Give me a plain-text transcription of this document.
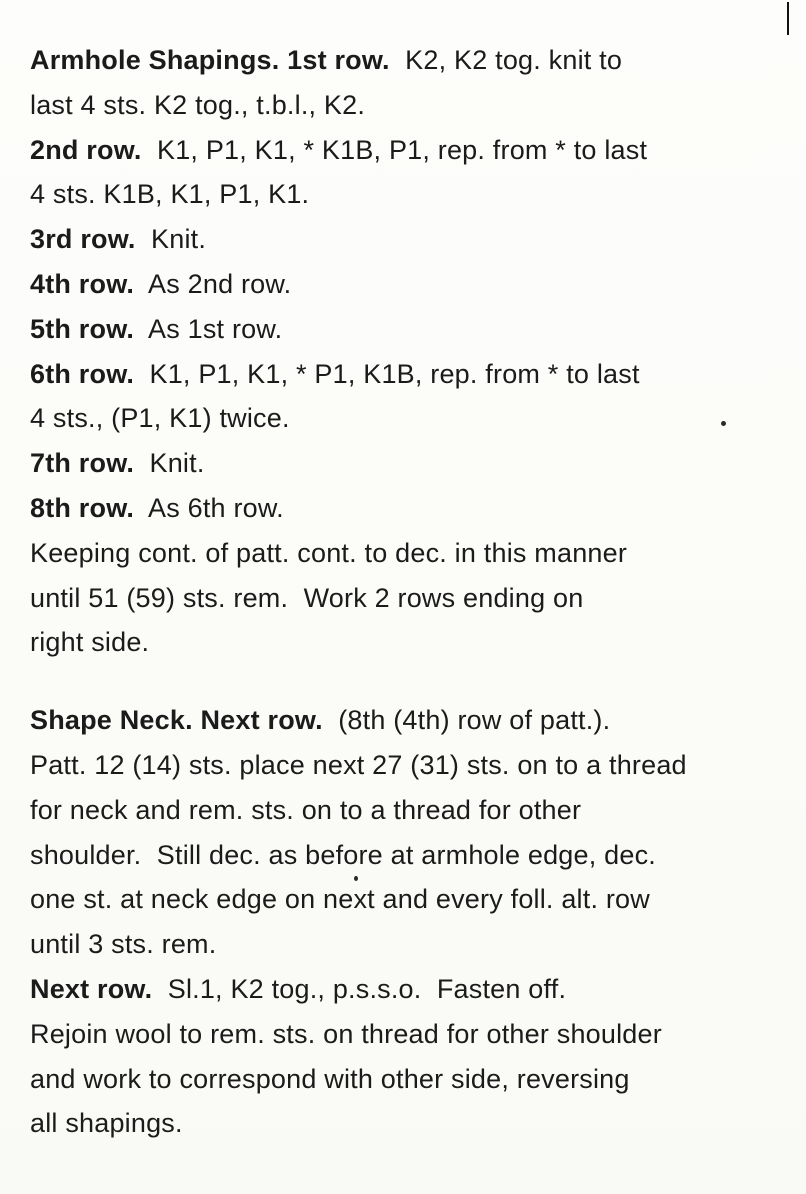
Armhole Shapings. 1st row.  K2, K2 tog. knit to
last 4 sts. K2 tog., t.b.l., K2.
2nd row.  K1, P1, K1, * K1B, P1, rep. from * to last
4 sts. K1B, K1, P1, K1.
3rd row.  Knit.
4th row.  As 2nd row.
5th row.  As 1st row.
6th row.  K1, P1, K1, * P1, K1B, rep. from * to last
4 sts., (P1, K1) twice.
7th row.  Knit.
8th row.  As 6th row.
Keeping cont. of patt. cont. to dec. in this manner
until 51 (59) sts. rem.  Work 2 rows ending on
right side.
Shape Neck. Next row.  (8th (4th) row of patt.).
Patt. 12 (14) sts. place next 27 (31) sts. on to a thread
for neck and rem. sts. on to a thread for other
shoulder.  Still dec. as before at armhole edge, dec.
one st. at neck edge on next and every foll. alt. row
until 3 sts. rem.
Next row.  Sl.1, K2 tog., p.s.s.o.  Fasten off.
Rejoin wool to rem. sts. on thread for other shoulder
and work to correspond with other side, reversing
all shapings.
